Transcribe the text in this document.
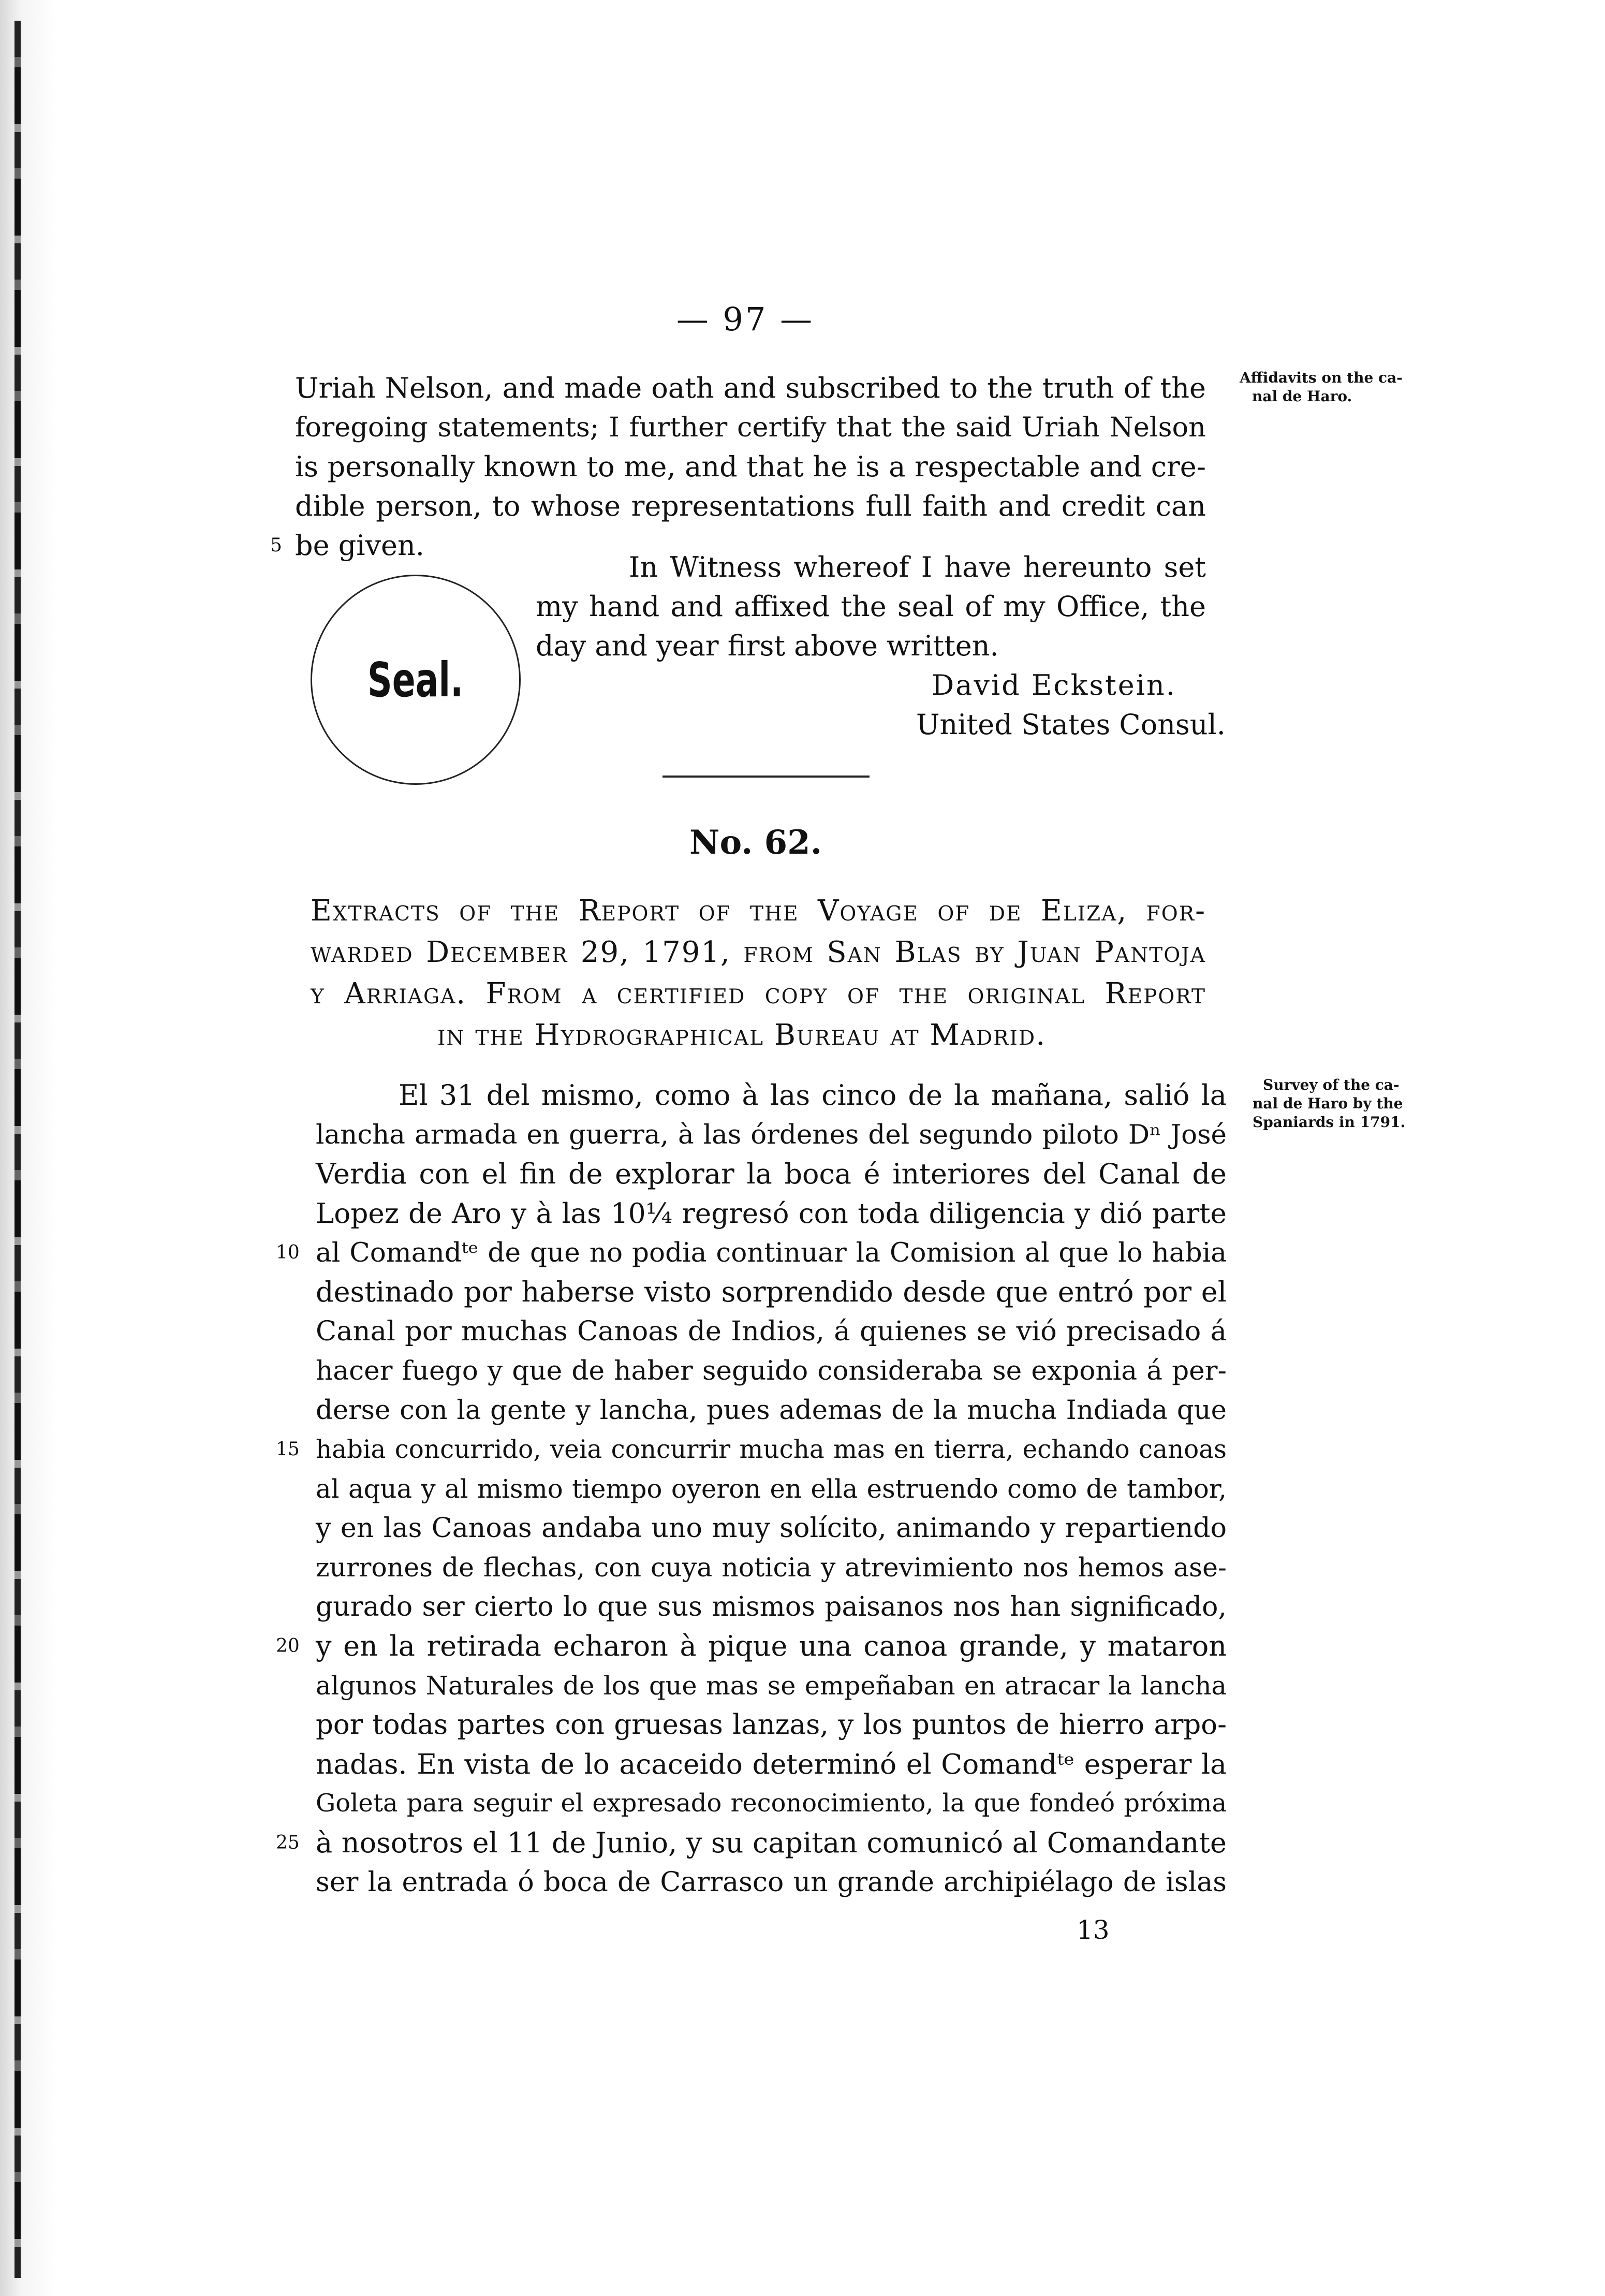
— 97 —
Affidavits on the ca-
nal de Haro.
Survey of the ca-
nal de Haro by the
Spaniards in 1791.
Uriah Nelson, and made oath and subscribed to the truth of the
foregoing statements; I further certify that the said Uriah Nelson
is personally known to me, and that he is a respectable and cre-
dible person, to whose representations full faith and credit can
be given.
5
In Witness whereof I have hereunto set
my hand and affixed the seal of my Office, the
day and year first above written.
Seal.	David Eckstein.
United States Consul.
No. 62.
Extracts of the Report of the Voyage of de Eliza, for-
warded December 29, 1791, from San Blas by Juan Pantoja
y Arriaga. From a certified copy of the original Report
in the Hydrographical Bureau at Madrid.
El 31 del mismo, como à las cinco de la mañana, salió la
lancha armada en guerra, à las órdenes del segundo piloto Dⁿ José
Verdia con el fin de explorar la boca é interiores del Canal de
Lopez de Aro y à las 10¼ regresó con toda diligencia y dió parte
al Comandᵗᵉ de que no podia continuar la Comision al que lo habia
10
destinado por haberse visto sorprendido desde que entró por el
Canal por muchas Canoas de Indios, á quienes se vió precisado á
hacer fuego y que de haber seguido consideraba se exponia á per-
derse con la gente y lancha, pues ademas de la mucha Indiada que
habia concurrido, veia concurrir mucha mas en tierra, echando canoas
15
al aqua y al mismo tiempo oyeron en ella estruendo como de tambor,
y en las Canoas andaba uno muy solícito, animando y repartiendo
zurrones de flechas, con cuya noticia y atrevimiento nos hemos ase-
gurado ser cierto lo que sus mismos paisanos nos han significado,
y en la retirada echaron à pique una canoa grande, y mataron
20
algunos Naturales de los que mas se empeñaban en atracar la lancha
por todas partes con gruesas lanzas, y los puntos de hierro arpo-
nadas. En vista de lo acaceido determinó el Comandᵗᵉ esperar la
Goleta para seguir el expresado reconocimiento, la que fondeó próxima
à nosotros el 11 de Junio, y su capitan comunicó al Comandante
25
ser la entrada ó boca de Carrasco un grande archipiélago de islas
13
